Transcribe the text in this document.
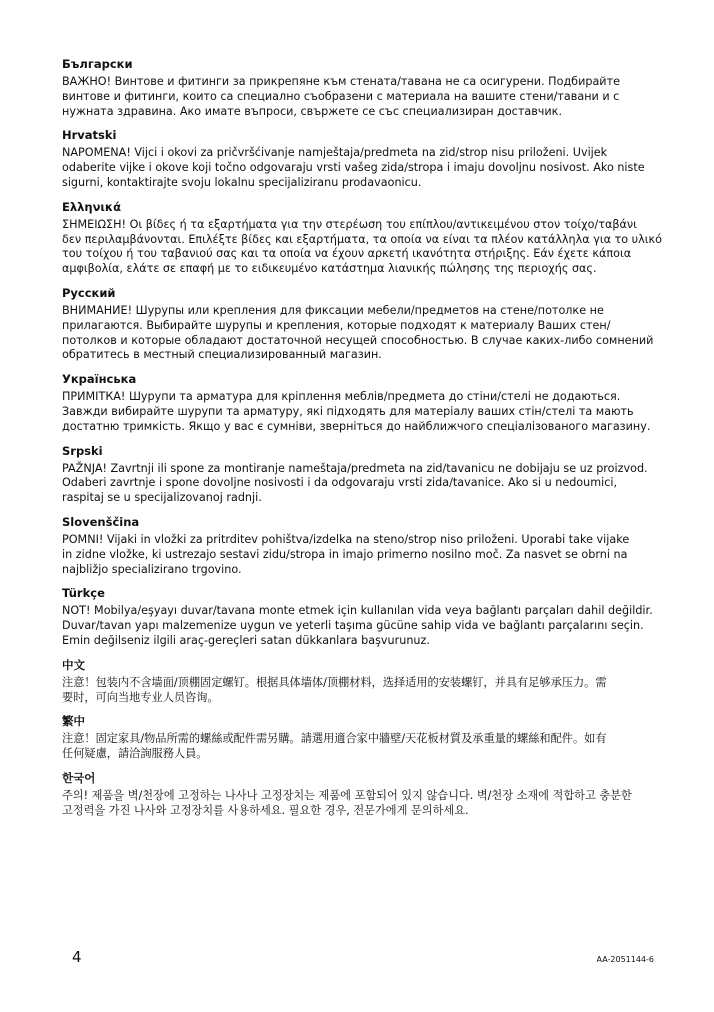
Български
ВАЖНО! Винтове и фитинги за прикрепяне към стената/тавана не са осигурени. Подбирайте
винтове и фитинги, които са специално съобразени с материала на вашите стени/тавани и с
нужната здравина. Ако имате въпроси, свържете се със специализиран доставчик.
Hrvatski
NAPOMENA! Vijci i okovi za pričvršćivanje namještaja/predmeta na zid/strop nisu priloženi. Uvijek
odaberite vijke i okove koji točno odgovaraju vrsti vašeg zida/stropa i imaju dovoljnu nosivost. Ako niste
sigurni, kontaktirajte svoju lokalnu specijaliziranu prodavaonicu.
Ελληνικά
ΣΗΜΕΙΩΣΗ! Οι βίδες ή τα εξαρτήματα για την στερέωση του επίπλου/αντικειμένου στον τοίχο/ταβάνι
δεν περιλαμβάνονται. Επιλέξτε βίδες και εξαρτήματα, τα οποία να είναι τα πλέον κατάλληλα για το υλικό
του τοίχου ή του ταβανιού σας και τα οποία να έχουν αρκετή ικανότητα στήριξης. Εάν έχετε κάποια
αμφιβολία, ελάτε σε επαφή με το ειδικευμένο κατάστημα λιανικής πώλησης της περιοχής σας.
Русский
ВНИМАНИЕ! Шурупы или крепления для фиксации мебели/предметов на стене/потолке не
прилагаются. Выбирайте шурупы и крепления, которые подходят к материалу Ваших стен/
потолков и которые обладают достаточной несущей способностью. В случае каких-либо сомнений
обратитесь в местный специализированный магазин.
Українська
ПРИМІТКА! Шурупи та арматура для кріплення меблів/предмета до стіни/стелі не додаються.
Завжди вибирайте шурупи та арматуру, які підходять для матеріалу ваших стін/стелі та мають
достатню тримкість. Якщо у вас є сумніви, зверніться до найближчого спеціалізованого магазину.
Srpski
PAŽNJA! Zavrtnji ili spone za montiranje nameštaja/predmeta na zid/tavanicu ne dobijaju se uz proizvod.
Odaberi zavrtnje i spone dovoljne nosivosti i da odgovaraju vrsti zida/tavanice. Ako si u nedoumici,
raspitaj se u specijalizovanoj radnji.
Slovenščina
POMNI! Vijaki in vložki za pritrditev pohištva/izdelka na steno/strop niso priloženi. Uporabi take vijake
in zidne vložke, ki ustrezajo sestavi zidu/stropa in imajo primerno nosilno moč. Za nasvet se obrni na
najbližjo specializirano trgovino.
Türkçe
NOT! Mobilya/eşyayı duvar/tavana monte etmek için kullanılan vida veya bağlantı parçaları dahil değildir.
Duvar/tavan yapı malzemenize uygun ve yeterli taşıma gücüne sahip vida ve bağlantı parçalarını seçin.
Emin değilseniz ilgili araç-gereçleri satan dükkanlara başvurunuz.
中文
注意！包装内不含墙面/顶棚固定螺钉。根据具体墙体/顶棚材料，选择适用的安装螺钉，并具有足够承压力。需
要时，可向当地专业人员咨询。
繁中
注意！固定家具/物品所需的螺絲或配件需另購。請選用適合家中牆壁/天花板材質及承重量的螺絲和配件。如有
任何疑慮，請洽詢服務人員。
한국어
주의! 제품을 벽/천장에 고정하는 나사나 고정장치는 제품에 포함되어 있지 않습니다. 벽/천장 소재에 적합하고 충분한
고정력을 가진 나사와 고정장치를 사용하세요. 필요한 경우, 전문가에게 문의하세요.
4	AA-2051144-6
